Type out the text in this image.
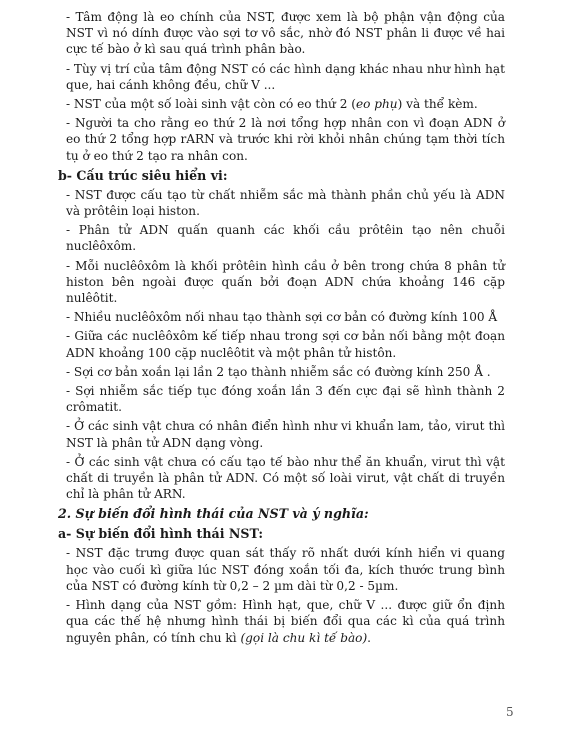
- Tâm động là eo chính của NST, được xem là bộ phận vận động của NST vì nó dính được vào sợi tơ vô sắc, nhờ đó NST phân li được về hai cực tế bào ở kì sau quá trình phân bào.

- Tùy vị trí của tâm động NST có các hình dạng khác nhau như hình hạt que, hai cánh không đều, chữ V ...

- NST của một số loài sinh vật còn có eo thứ 2 (eo phụ) và thể kèm.

- Người ta cho rằng eo thứ 2 là nơi tổng hợp nhân con vì đoạn ADN ở eo thứ 2 tổng hợp rARN và trước khi rời khỏi nhân chúng tạm thời tích tụ ở eo thứ 2 tạo ra nhân con.

b- Cấu trúc siêu hiển vi:

- NST được cấu tạo từ chất nhiễm sắc mà thành phần chủ yếu là ADN và prôtêin loại histon.

- Phân tử ADN quấn quanh các khối cầu prôtêin tạo nên chuỗi nuclêôxôm.

- Mỗi nuclêôxôm là khối prôtêin hình cầu ở bên trong chứa 8 phân tử histon bên ngoài được quấn bởi đoạn ADN chứa khoảng 146 cặp nulêôtit.

- Nhiều nuclêôxôm nối nhau tạo thành sợi cơ bản có đường kính 100 Å

- Giữa các nuclêôxôm kế tiếp nhau trong sợi cơ bản nối bằng một đoạn ADN khoảng 100 cặp nuclêôtit và một phân tử histôn.

- Sợi cơ bản xoắn lại lần 2 tạo thành nhiễm sắc có đường kính 250 Å .

- Sợi nhiễm sắc tiếp tục đóng xoắn lần 3 đến cực đại sẽ hình thành 2 crômatit.

- Ở các sinh vật chưa có nhân điển hình như vi khuẩn lam, tảo, virut thì NST là phân tử ADN dạng vòng.

- Ở các sinh vật chưa có cấu tạo tế bào như thể ăn khuẩn, virut thì vật chất di truyền là phân tử ADN. Có một số loài virut, vật chất di truyền chỉ là phân tử ARN.

2. Sự biến đổi hình thái của NST và ý nghĩa:
a- Sự biến đổi hình thái NST:

- NST đặc trưng được quan sát thấy rõ nhất dưới kính hiển vi quang học vào cuối kì giữa lúc NST đóng xoắn tối đa, kích thước trung bình của NST có đường kính từ 0,2 – 2 µm dài từ 0,2 - 5µm.

- Hình dạng của NST gồm: Hình hạt, que, chữ V ... được giữ ổn định qua các thế hệ nhưng hình thái bị biến đổi qua các kì của quá trình nguyên phân, có tính chu kì (gọi là chu kì tế bào).

5
